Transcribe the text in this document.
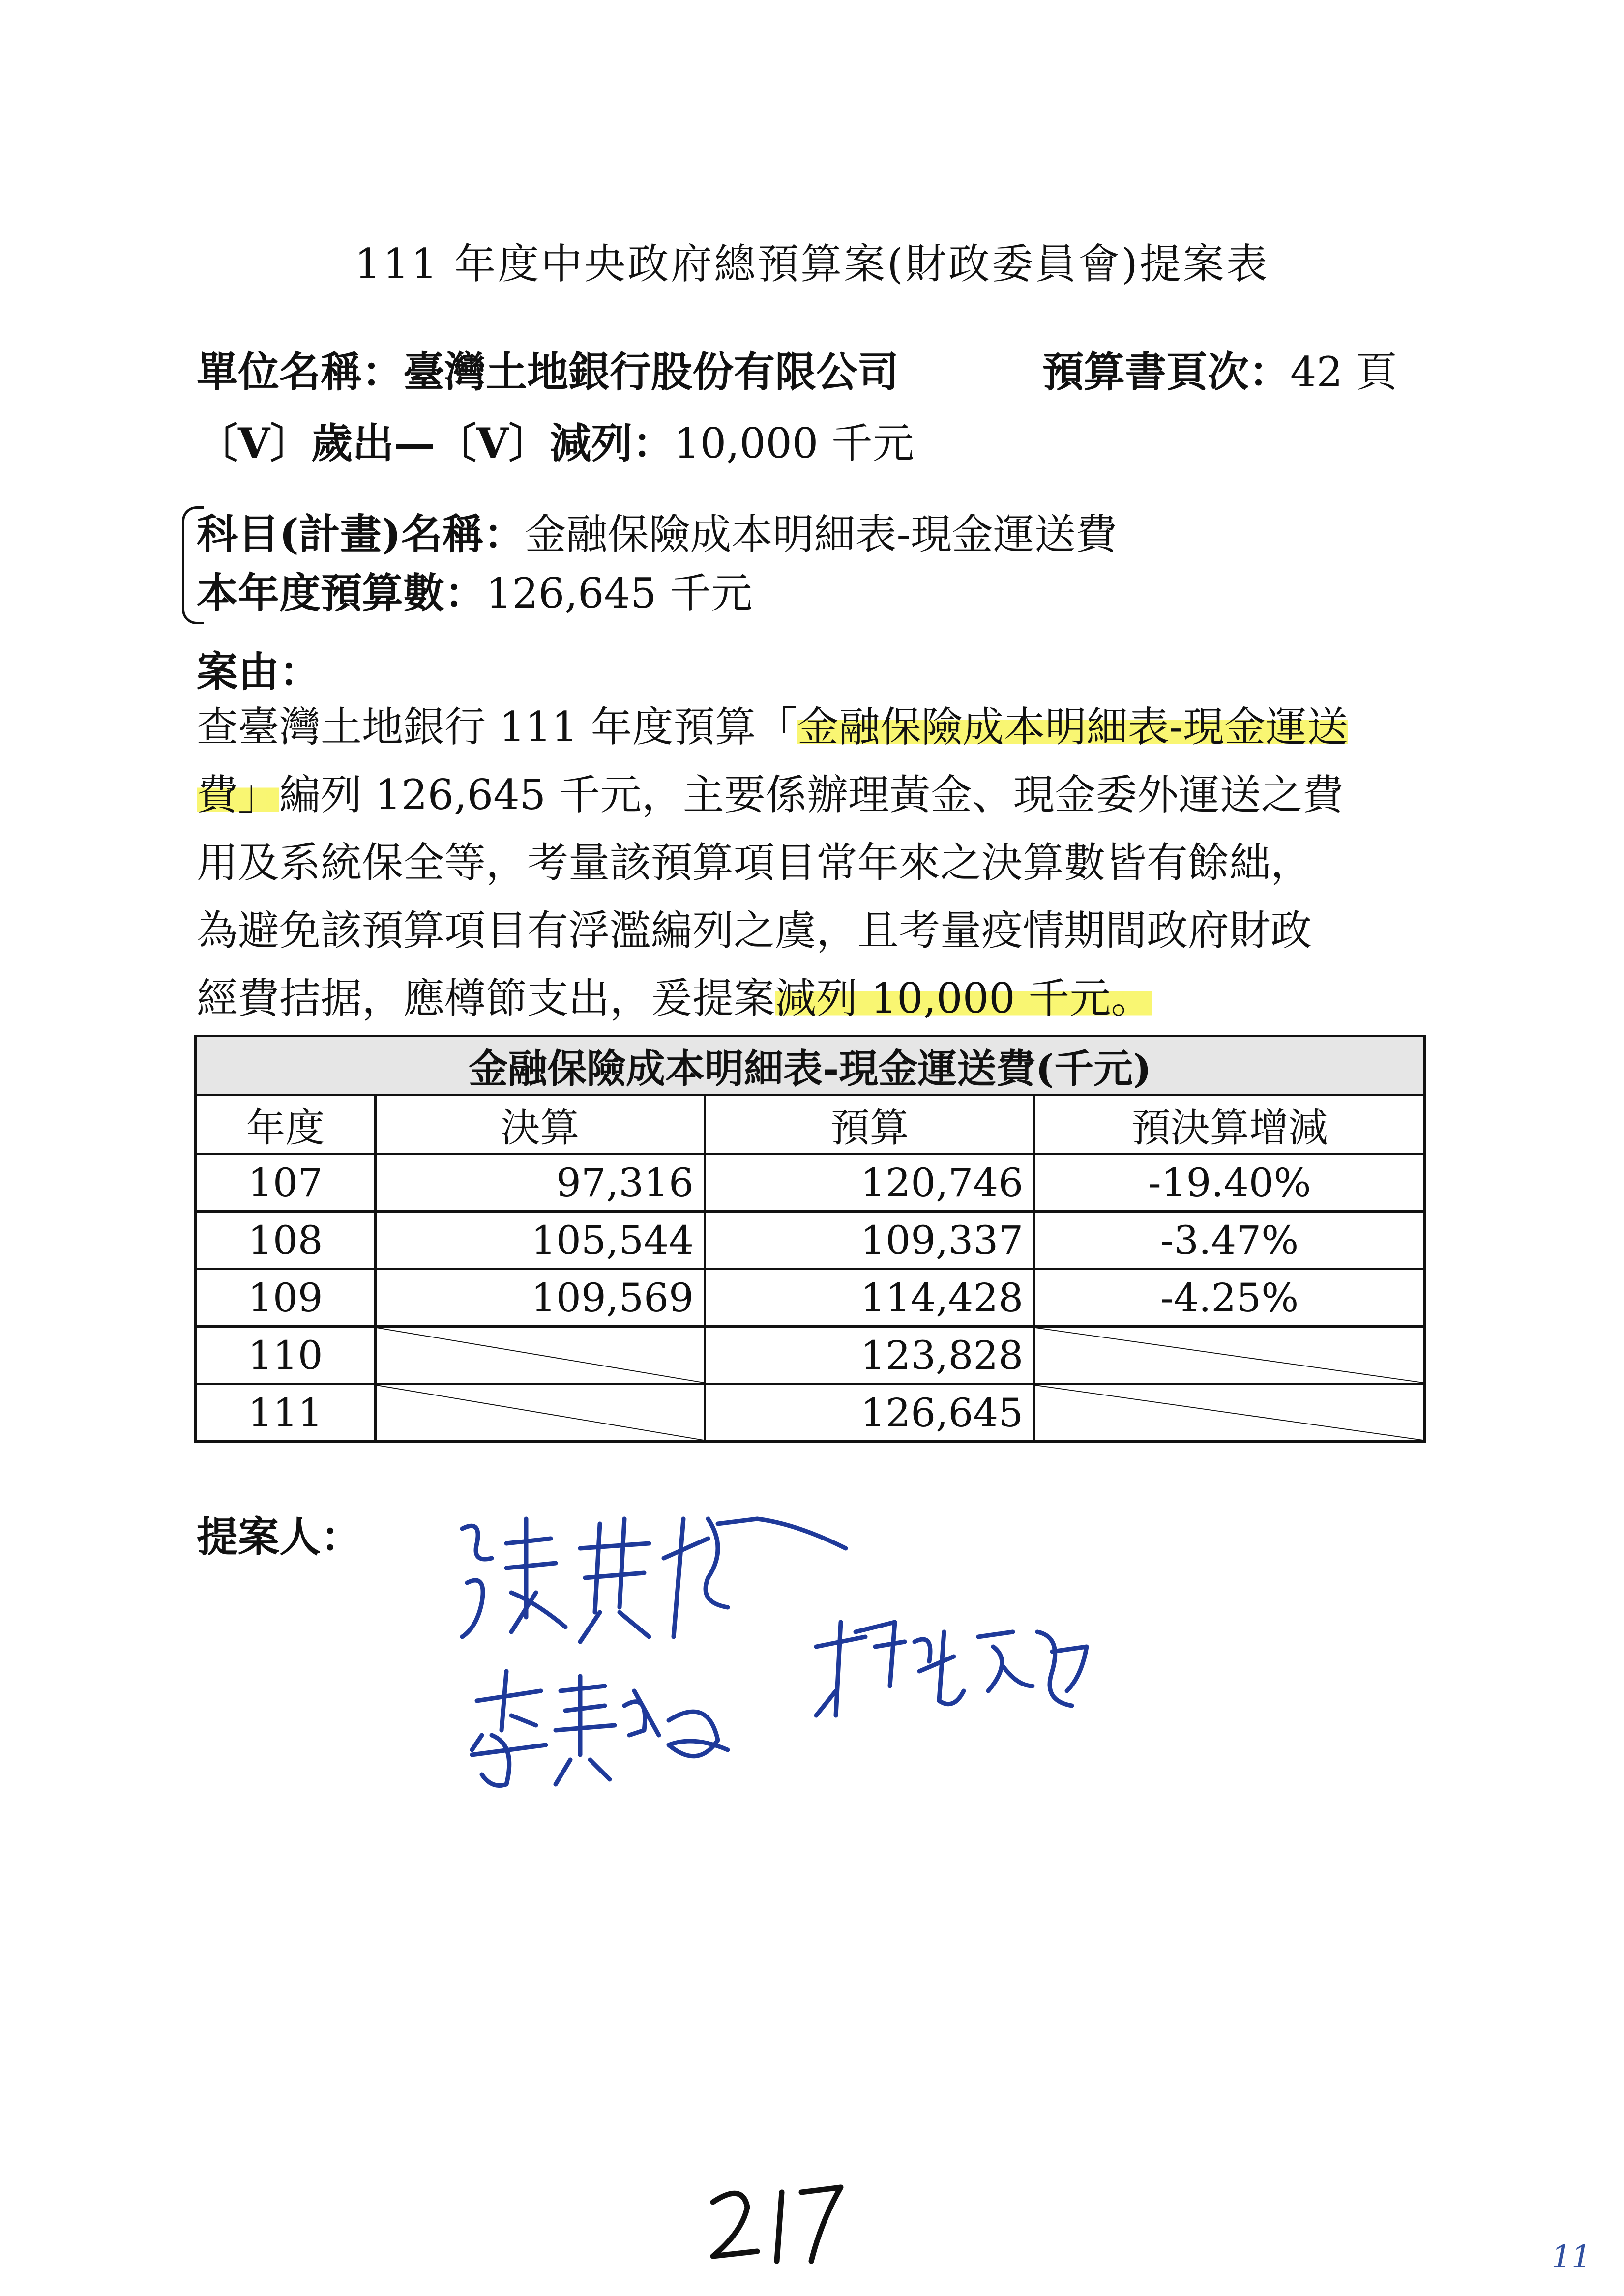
111 年度中央政府總預算案(財政委員會)提案表
單位名稱：臺灣土地銀行股份有限公司	預算書頁次：42 頁
〔V〕歲出—〔V〕減列：10,000 千元
科目(計畫)名稱：金融保險成本明細表-現金運送費
本年度預算數：126,645 千元
案由：
查臺灣土地銀行 111 年度預算「金融保險成本明細表-現金運送
費」編列 126,645 千元，主要係辦理黃金、現金委外運送之費
用及系統保全等，考量該預算項目常年來之決算數皆有餘絀，
為避免該預算項目有浮濫編列之虞，且考量疫情期間政府財政
經費拮据，應樽節支出，爰提案減列 10,000 千元。
金融保險成本明細表-現金運送費(千元)			
年度	決算	預算	預決算增減
107	97,316	120,746	-19.40%
108	105,544	109,337	-3.47%
109	109,569	114,428	-4.25%
110		123,828	

111		126,645	
提案人：
11
